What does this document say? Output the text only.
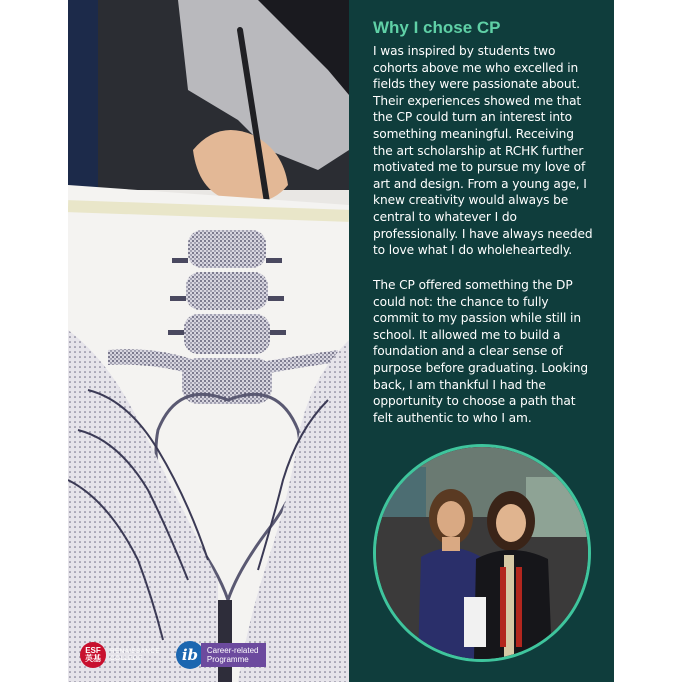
ESF
英基
RENAISSANCE
COLLEGE	ib	Career-related
Programme
Why I chose CP

I was inspired by students two cohorts above me who excelled in fields they were passionate about. Their experiences showed me that the CP could turn an interest into something meaningful. Receiving the art scholarship at RCHK further motivated me to pursue my love of art and design. From a young age, I knew creativity would always be central to whatever I do professionally. I have always needed to love what I do wholeheartedly.

The CP offered something the DP could not: the chance to fully commit to my passion while still in school. It allowed me to build a foundation and a clear sense of purpose before graduating. Looking back, I am thankful I had the opportunity to choose a path that felt authentic to who I am.
